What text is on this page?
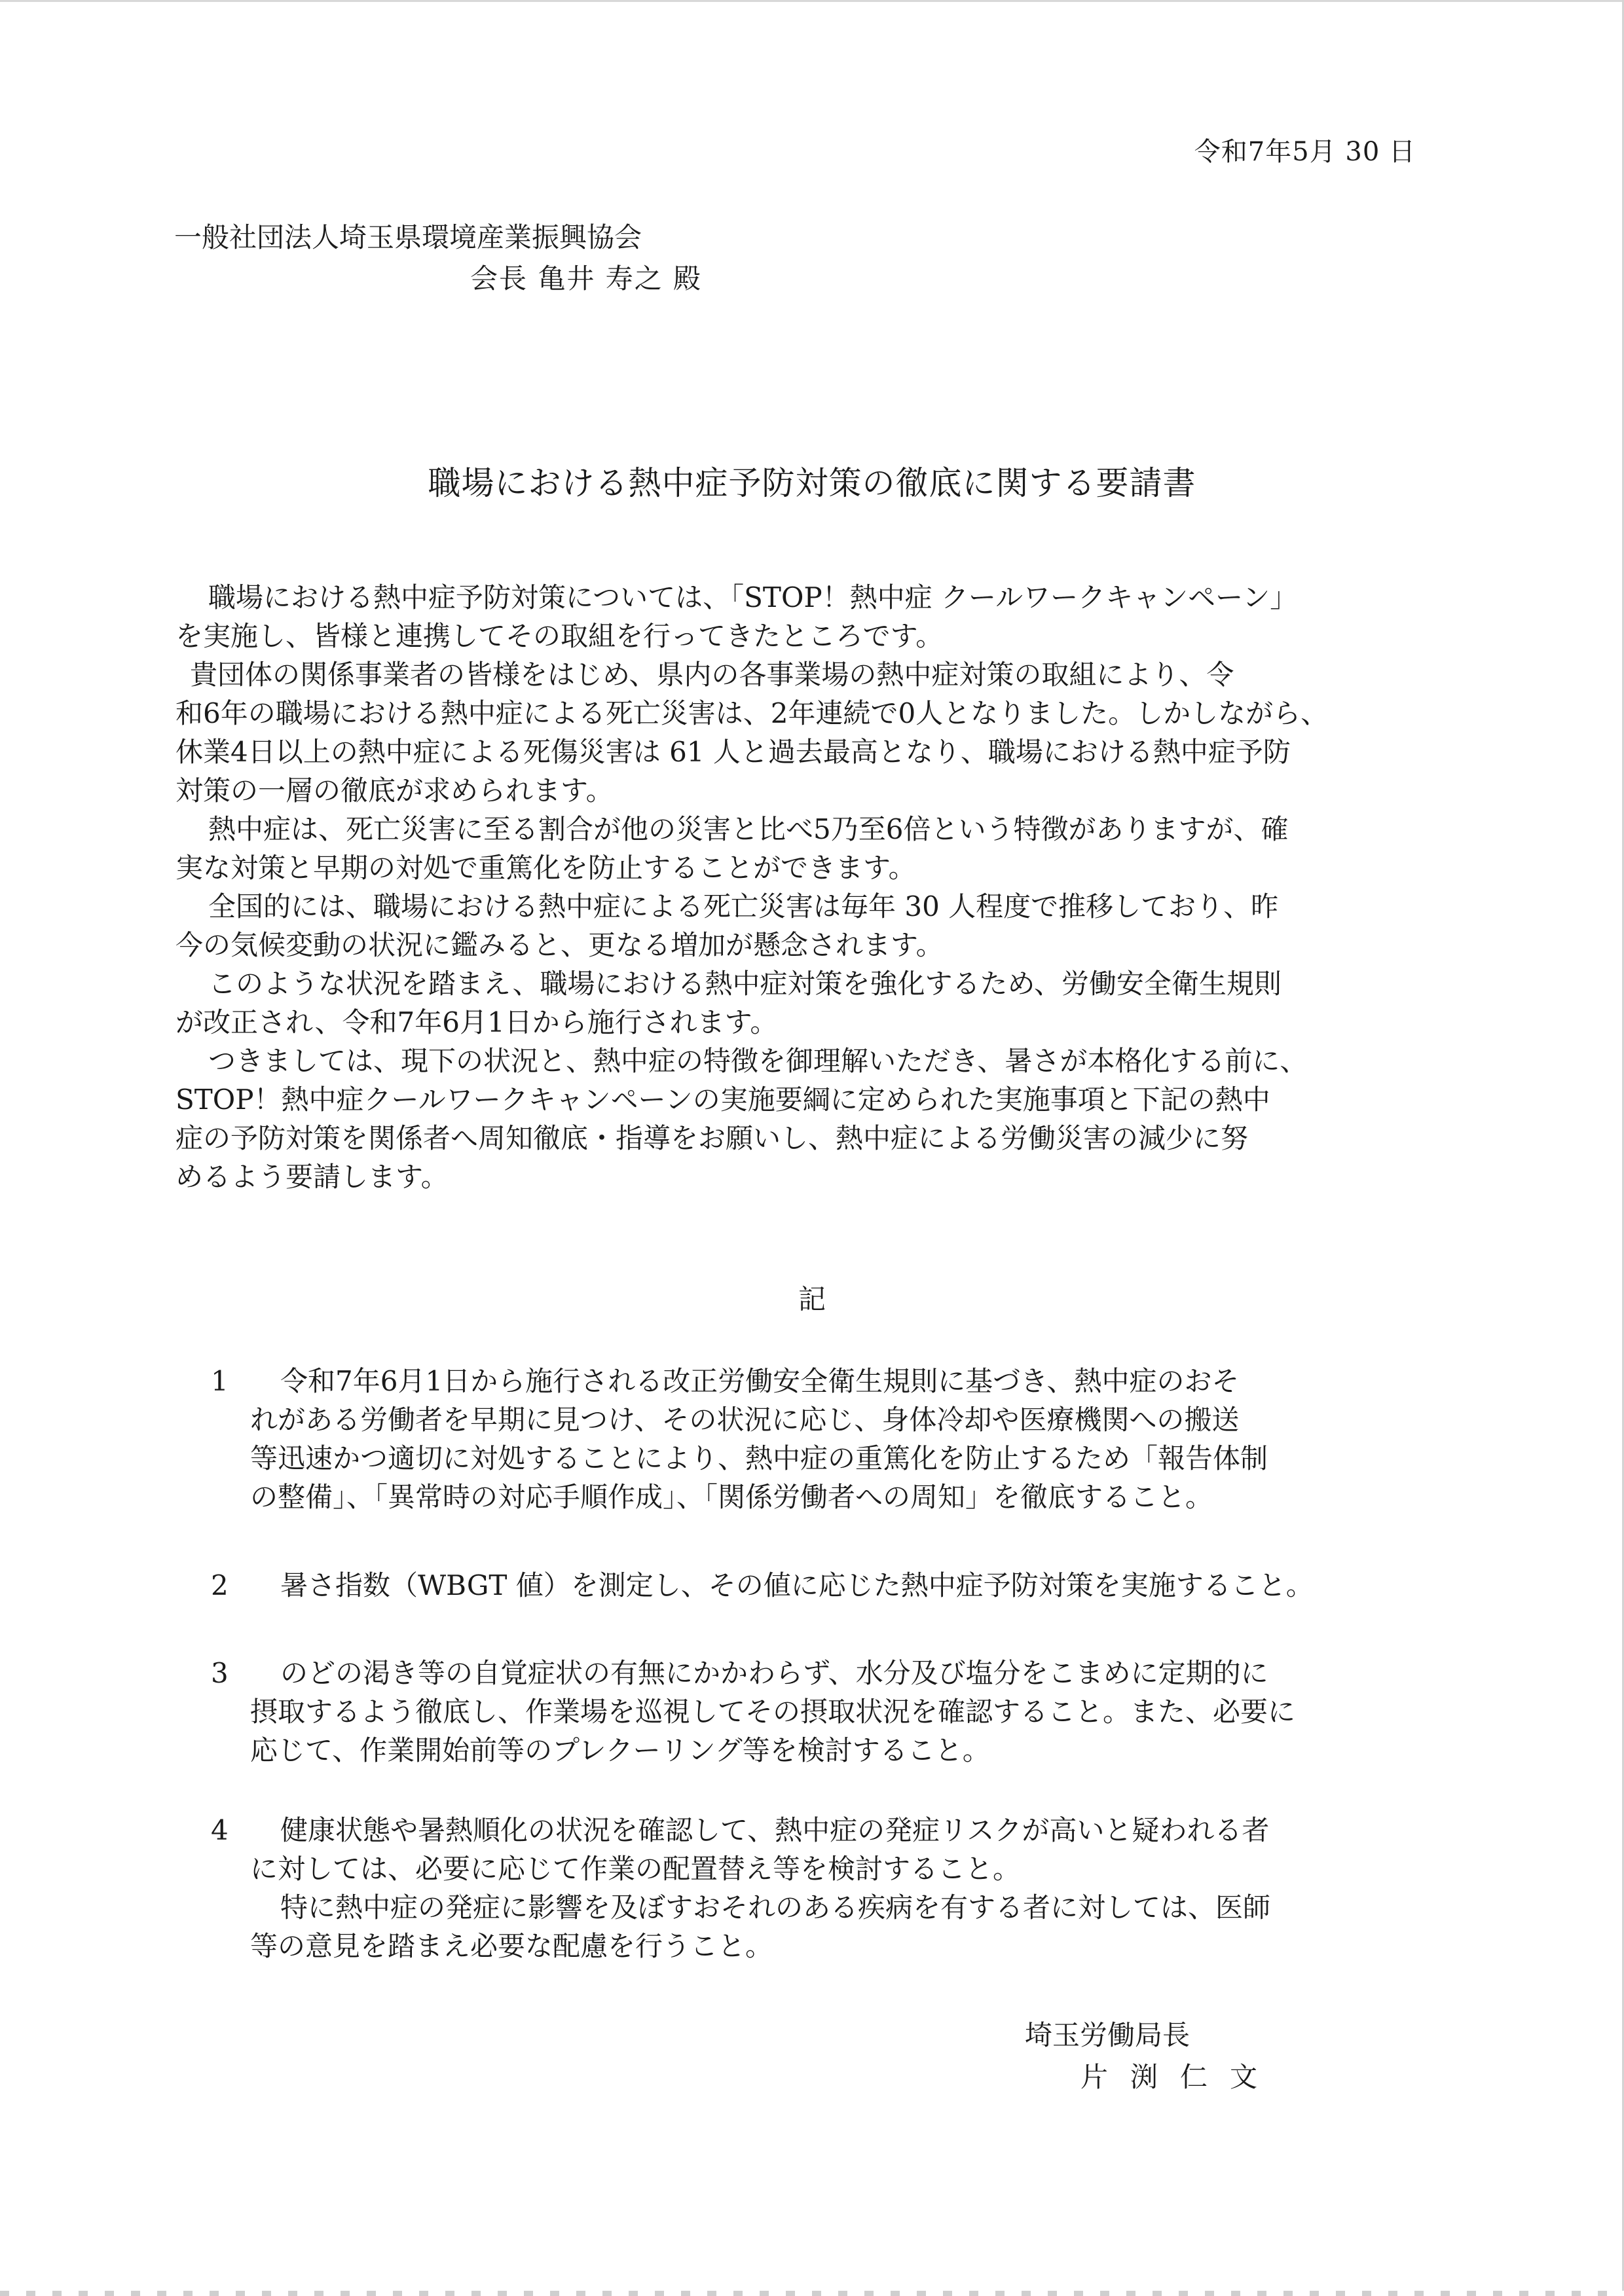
令和7年5月 30 日
一般社団法人埼玉県環境産業振興協会
会長 亀井 寿之 殿
職場における熱中症予防対策の徹底に関する要請書

職場における熱中症予防対策については、「STOP！熱中症 クールワークキャンペーン」

を実施し、皆様と連携してその取組を行ってきたところです。

貴団体の関係事業者の皆様をはじめ、県内の各事業場の熱中症対策の取組により、令

和6年の職場における熱中症による死亡災害は、2年連続で0人となりました。しかしながら、

休業4日以上の熱中症による死傷災害は 61 人と過去最高となり、職場における熱中症予防

対策の一層の徹底が求められます。

熱中症は、死亡災害に至る割合が他の災害と比べ5乃至6倍という特徴がありますが、確

実な対策と早期の対処で重篤化を防止することができます。

全国的には、職場における熱中症による死亡災害は毎年 30 人程度で推移しており、昨

今の気候変動の状況に鑑みると、更なる増加が懸念されます。

このような状況を踏まえ、職場における熱中症対策を強化するため、労働安全衛生規則

が改正され、令和7年6月1日から施行されます。

つきましては、現下の状況と、熱中症の特徴を御理解いただき、暑さが本格化する前に、

STOP！熱中症クールワークキャンペーンの実施要綱に定められた実施事項と下記の熱中

症の予防対策を関係者へ周知徹底・指導をお願いし、熱中症による労働災害の減少に努

めるよう要請します。

記
1	令和7年6月1日から施行される改正労働安全衛生規則に基づき、熱中症のおそ

れがある労働者を早期に見つけ、その状況に応じ、身体冷却や医療機関への搬送

等迅速かつ適切に対処することにより、熱中症の重篤化を防止するため「報告体制

の整備」、「異常時の対応手順作成」、「関係労働者への周知」を徹底すること。

2	暑さ指数（WBGT 値）を測定し、その値に応じた熱中症予防対策を実施すること。

3	のどの渇き等の自覚症状の有無にかかわらず、水分及び塩分をこまめに定期的に

摂取するよう徹底し、作業場を巡視してその摂取状況を確認すること。また、必要に

応じて、作業開始前等のプレクーリング等を検討すること。

4	健康状態や暑熱順化の状況を確認して、熱中症の発症リスクが高いと疑われる者

に対しては、必要に応じて作業の配置替え等を検討すること。

特に熱中症の発症に影響を及ぼすおそれのある疾病を有する者に対しては、医師

等の意見を踏まえ必要な配慮を行うこと。

埼玉労働局長
片渕仁文
